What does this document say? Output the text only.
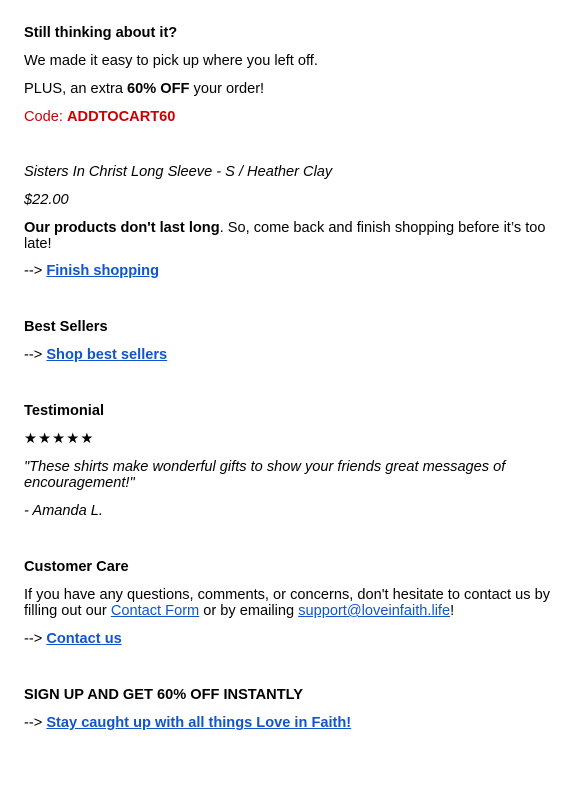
Still thinking about it?

We made it easy to pick up where you left off.

PLUS, an extra 60% OFF your order!

Code: ADDTOCART60

Sisters In Christ Long Sleeve - S / Heather Clay

$22.00

Our products don't last long. So, come back and finish shopping before it’s too late!

--> Finish shopping

Best Sellers

--> Shop best sellers

Testimonial

★★★★★

"These shirts make wonderful gifts to show your friends great messages of encouragement!"

- Amanda L.

Customer Care

If you have any questions, comments, or concerns, don't hesitate to contact us by filling out our Contact Form or by emailing support@loveinfaith.life!

--> Contact us

SIGN UP AND GET 60% OFF INSTANTLY

--> Stay caught up with all things Love in Faith!
